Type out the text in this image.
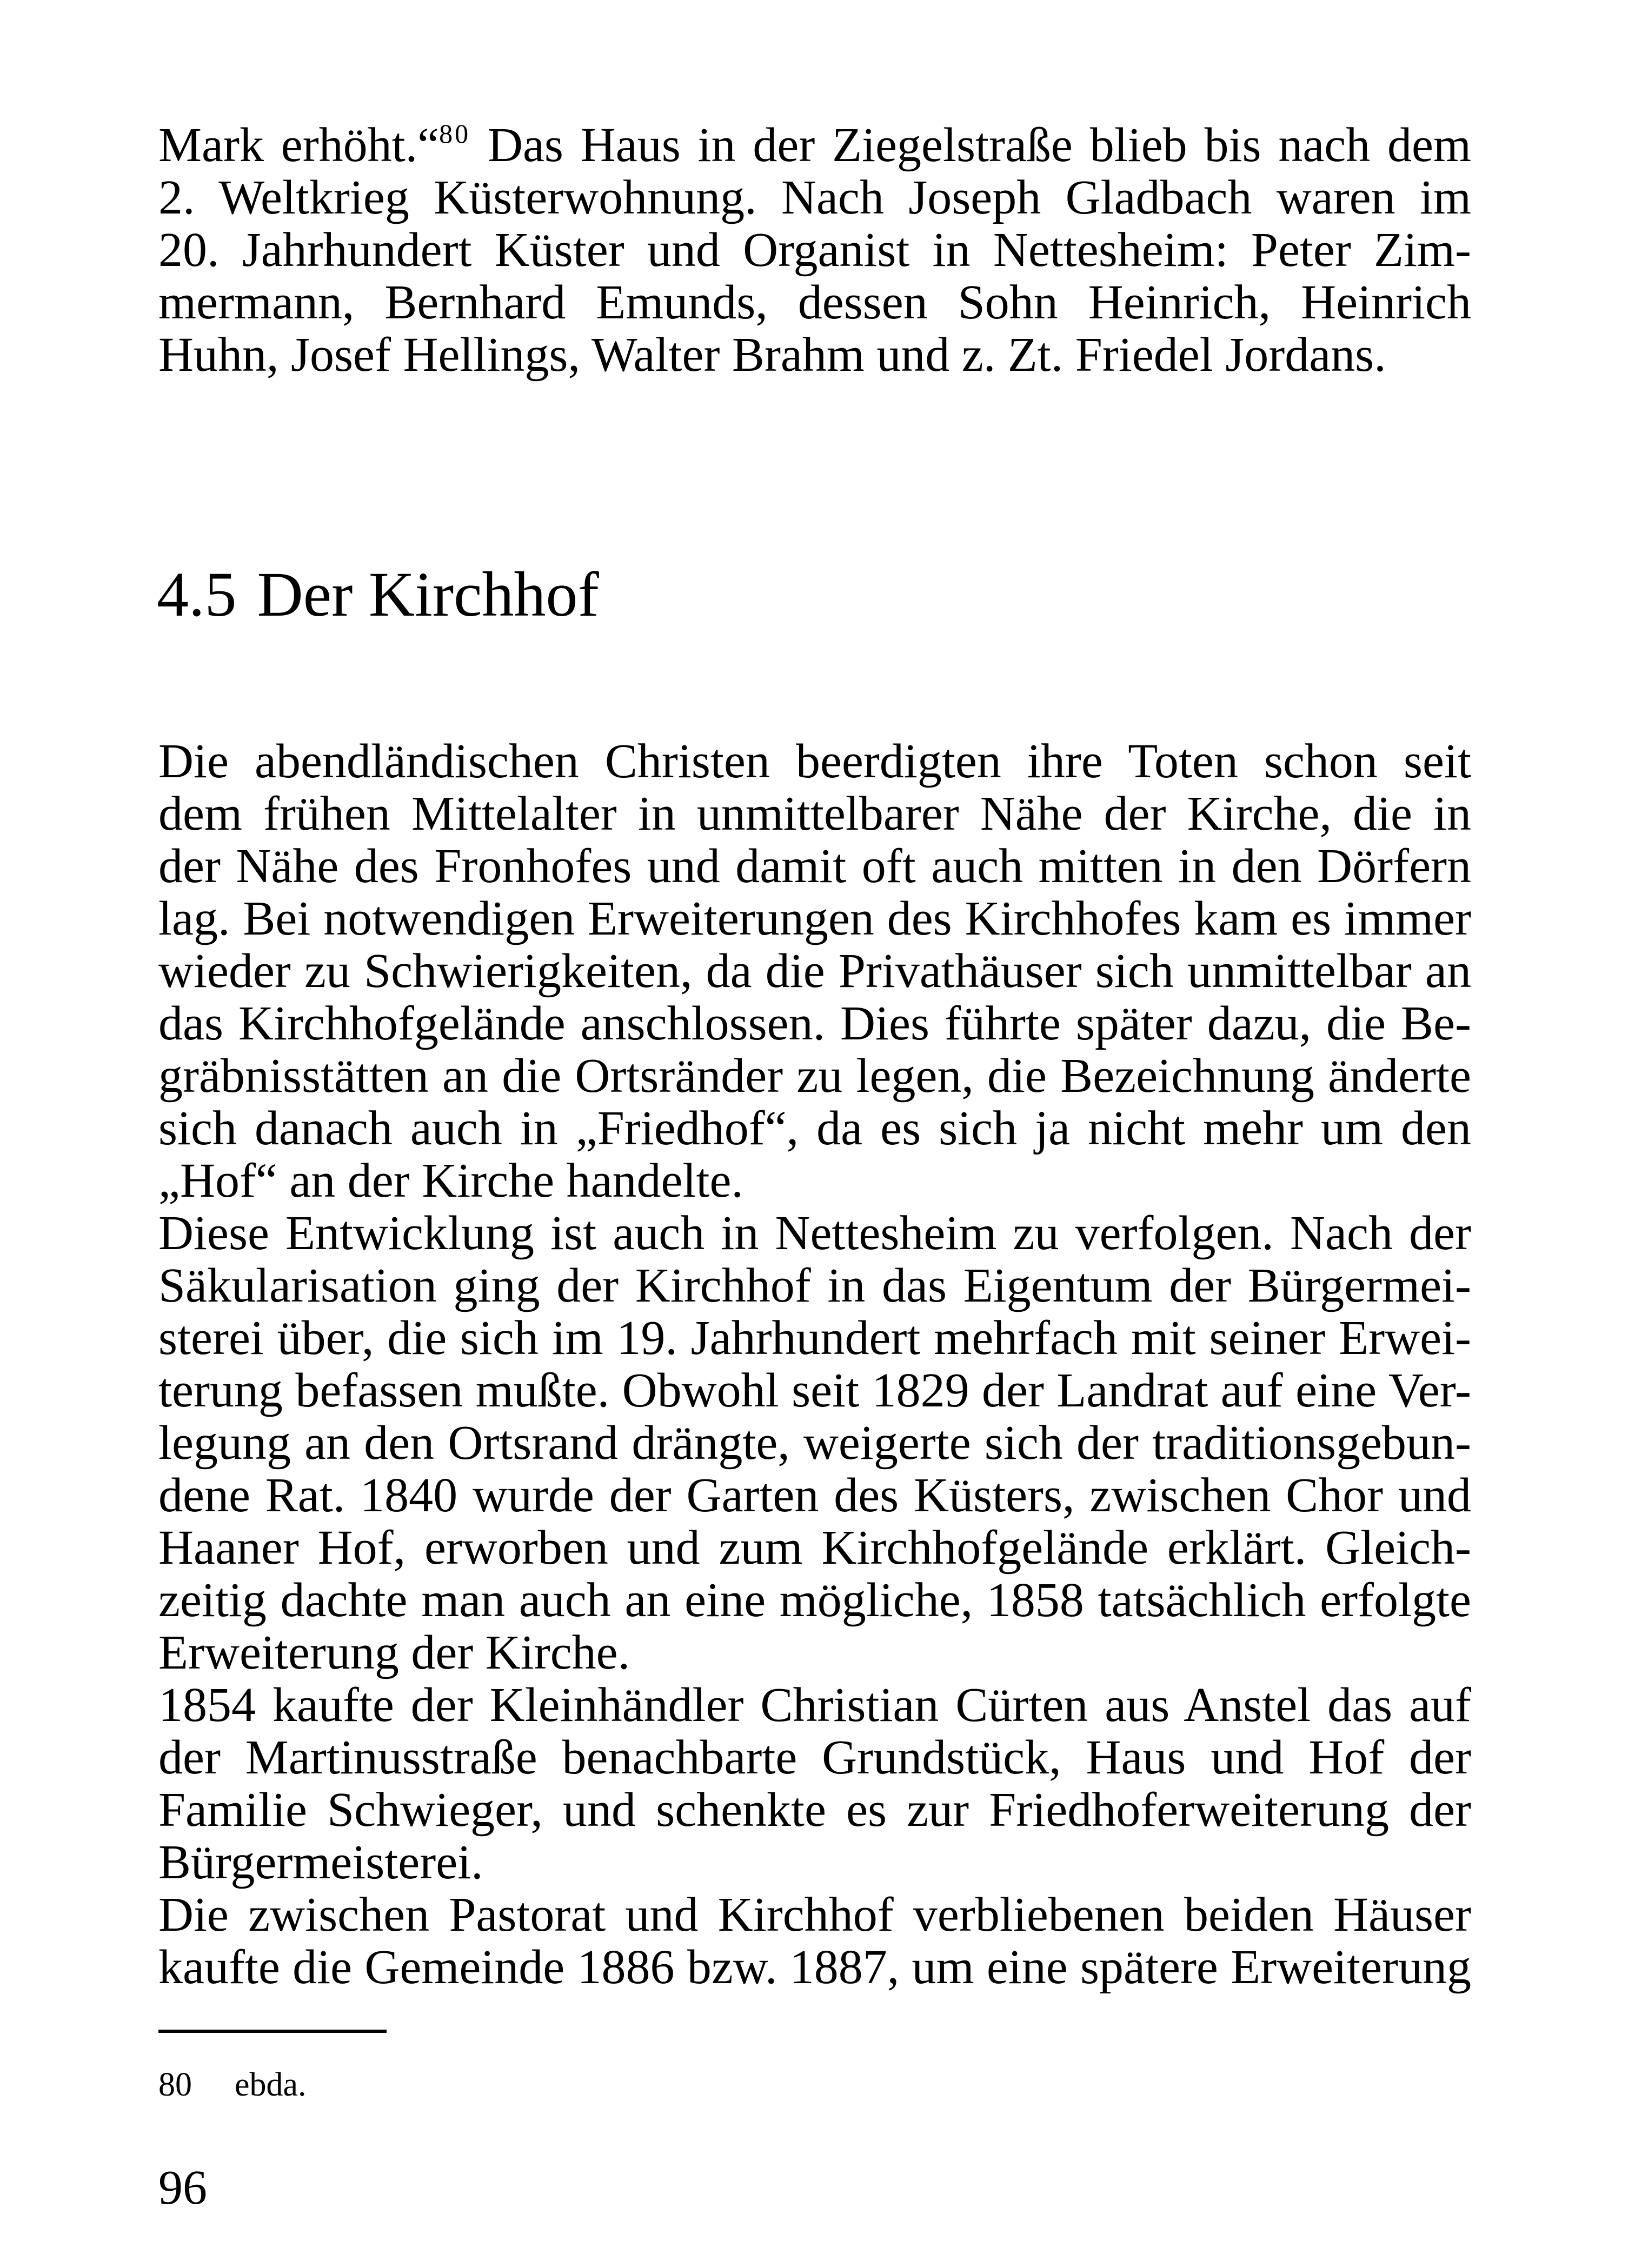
Mark erhöht.“$^{80}$ Das Haus in der Ziegelstraße blieb bis nach dem
2. Weltkrieg Küsterwohnung. Nach Joseph Gladbach waren im
20. Jahrhundert Küster und Organist in Nettesheim: Peter Zim-
mermann, Bernhard Emunds, dessen Sohn Heinrich, Heinrich
Huhn, Josef Hellings, Walter Brahm und z. Zt. Friedel Jordans.
4.5 Der Kirchhof
Die abendländischen Christen beerdigten ihre Toten schon seit
dem frühen Mittelalter in unmittelbarer Nähe der Kirche, die in
der Nähe des Fronhofes und damit oft auch mitten in den Dörfern
lag. Bei notwendigen Erweiterungen des Kirchhofes kam es immer
wieder zu Schwierigkeiten, da die Privathäuser sich unmittelbar an
das Kirchhofgelände anschlossen. Dies führte später dazu, die Be-
gräbnisstätten an die Ortsränder zu legen, die Bezeichnung änderte
sich danach auch in „Friedhof“, da es sich ja nicht mehr um den
„Hof“ an der Kirche handelte.
Diese Entwicklung ist auch in Nettesheim zu verfolgen. Nach der
Säkularisation ging der Kirchhof in das Eigentum der Bürgermei-
sterei über, die sich im 19. Jahrhundert mehrfach mit seiner Erwei-
terung befassen mußte. Obwohl seit 1829 der Landrat auf eine Ver-
legung an den Ortsrand drängte, weigerte sich der traditionsgebun-
dene Rat. 1840 wurde der Garten des Küsters, zwischen Chor und
Haaner Hof, erworben und zum Kirchhofgelände erklärt. Gleich-
zeitig dachte man auch an eine mögliche, 1858 tatsächlich erfolgte
Erweiterung der Kirche.
1854 kaufte der Kleinhändler Christian Cürten aus Anstel das auf
der Martinusstraße benachbarte Grundstück, Haus und Hof der
Familie Schwieger, und schenkte es zur Friedhoferweiterung der
Bürgermeisterei.
Die zwischen Pastorat und Kirchhof verbliebenen beiden Häuser
kaufte die Gemeinde 1886 bzw. 1887, um eine spätere Erweiterung
80 ebda.
96
